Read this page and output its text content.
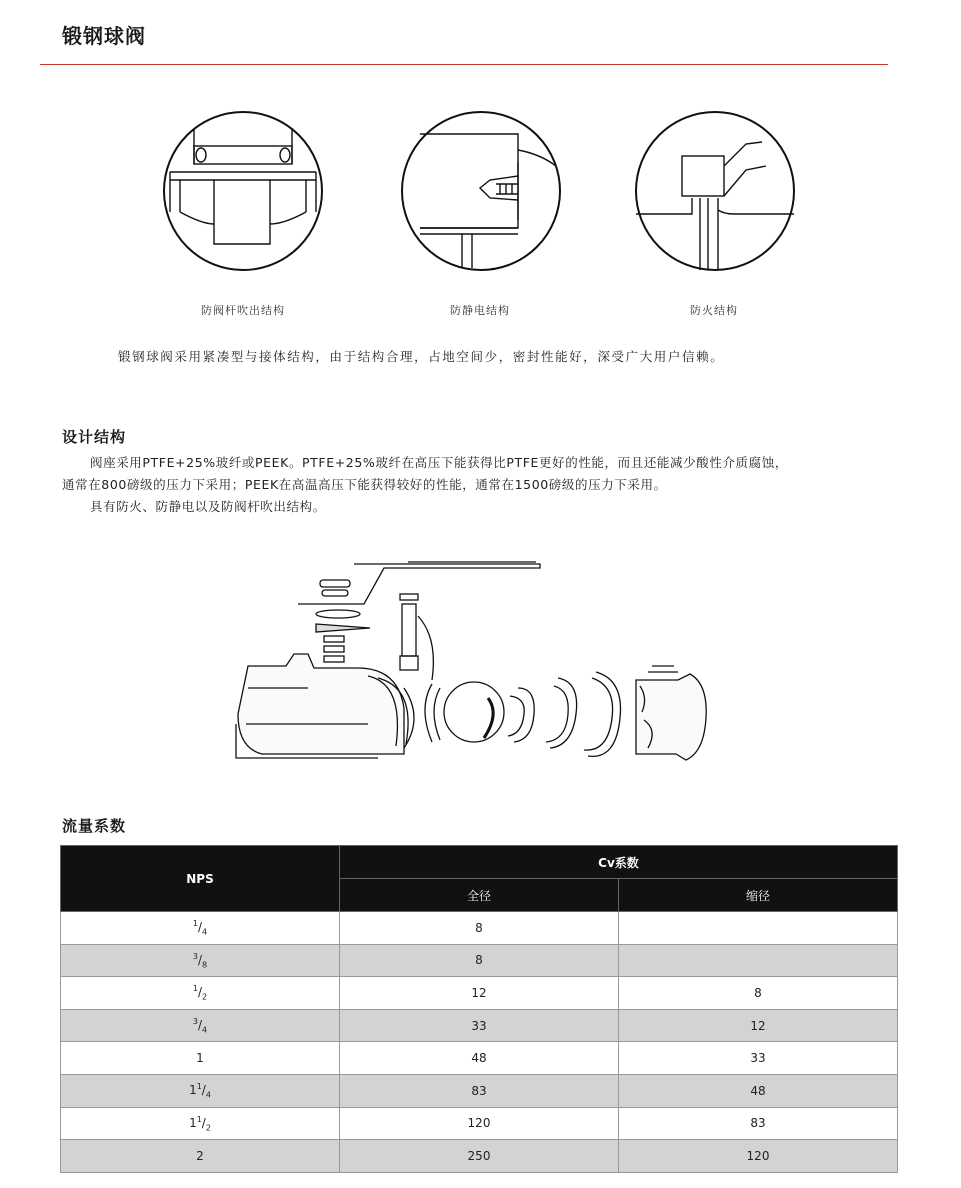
锻钢球阀
防阀杆吹出结构	防静电结构	防火结构
锻钢球阀采用紧凑型与接体结构，由于结构合理，占地空间少，密封性能好，深受广大用户信赖。
设计结构

阀座采用PTFE+25%玻纤或PEEK。PTFE+25%玻纤在高压下能获得比PTFE更好的性能，而且还能减少酸性介质腐蚀，

通常在800磅级的压力下采用；PEEK在高温高压下能获得较好的性能，通常在1500磅级的压力下采用。

具有防火、防静电以及防阀杆吹出结构。

流量系数
NPS	Cv系数	
	全径	缩径
$^1/_4$	8	
$^3/_8$	8	
$^1/_2$	12	8
$^3/_4$	33	12
1	48	33
$1^1/_4$	83	48
$1^1/_2$	120	83
2	250	120
